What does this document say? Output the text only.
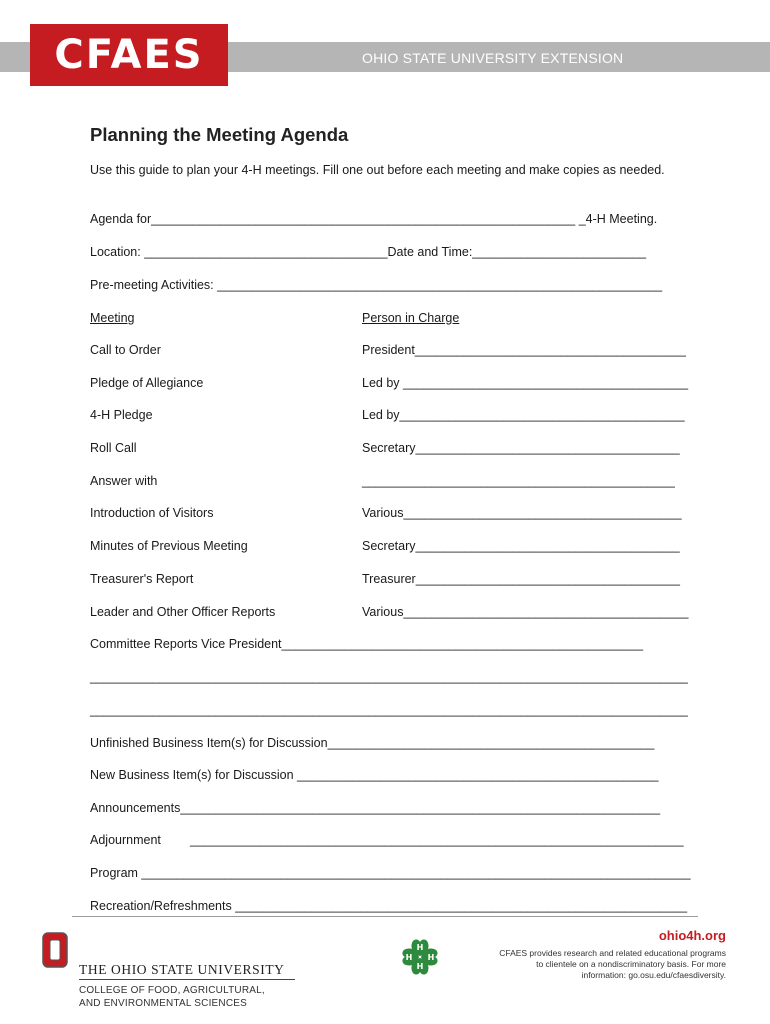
OHIO STATE UNIVERSITY EXTENSION
CFAES
Planning the Meeting Agenda
Use this guide to plan your 4-H meetings. Fill one out before each meeting and make copies as needed.
Agenda for_____________________________________________________________ _4-H Meeting.
Location: ___________________________________Date and Time:_________________________
Pre-meeting Activities: ________________________________________________________________
Meeting	Person in Charge
Call to Order	President_______________________________________
Pledge of Allegiance	Led by _________________________________________
4-H Pledge	Led by_________________________________________
Roll Call	Secretary______________________________________
Answer with	_____________________________________________
Introduction of Visitors	Various________________________________________
Minutes of Previous Meeting	Secretary______________________________________
Treasurer's Report	Treasurer______________________________________
Leader and Other Officer Reports	Various_________________________________________
Committee Reports Vice President____________________________________________________
______________________________________________________________________________________
______________________________________________________________________________________
Unfinished Business Item(s) for Discussion_______________________________________________
New Business Item(s) for Discussion ____________________________________________________
Announcements_____________________________________________________________________
Adjournment _______________________________________________________________________
Program _______________________________________________________________________________
Recreation/Refreshments _________________________________________________________________
THE OHIO STATE UNIVERSITY
COLLEGE OF FOOD, AGRICULTURAL,
AND ENVIRONMENTAL SCIENCES
H
H
H H
ohio4h.org
CFAES provides research and related educational programs to clientele on a nondiscriminatory basis. For more information: go.osu.edu/cfaesdiversity.
